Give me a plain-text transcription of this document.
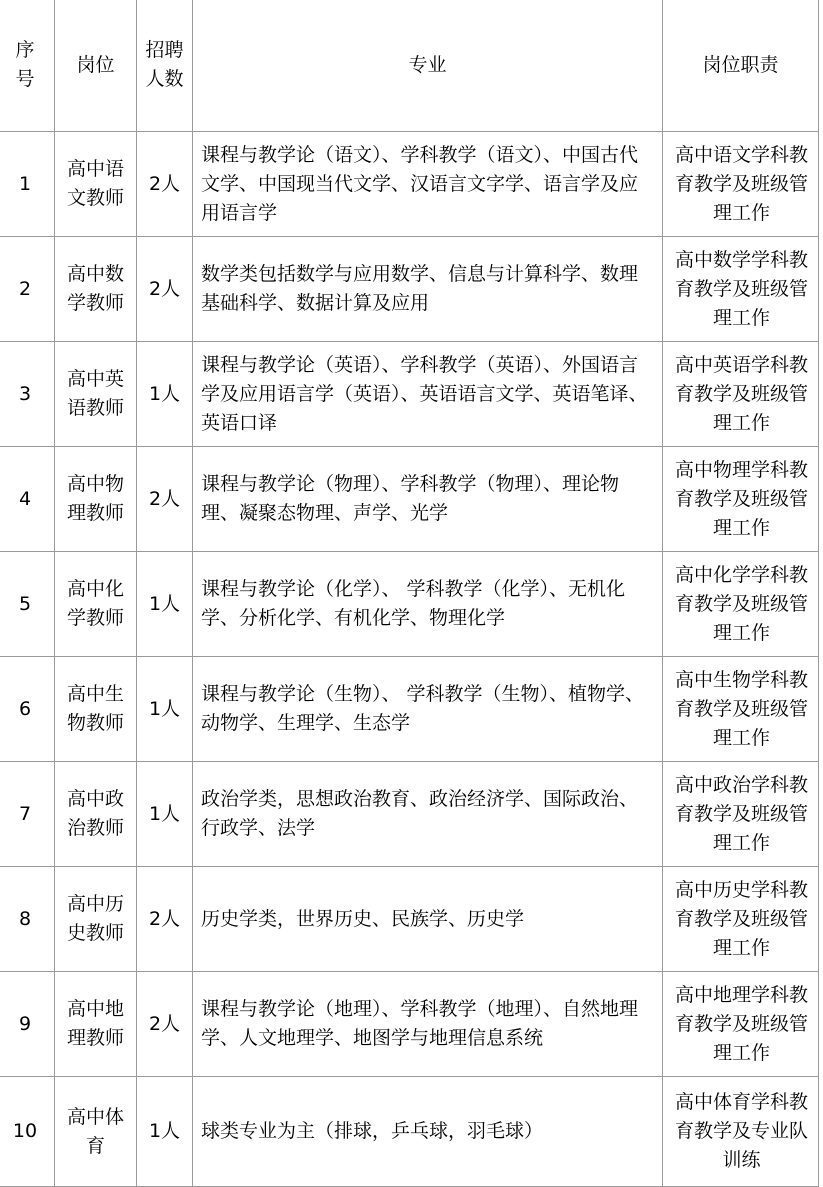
序号	岗位	招聘人数	专业	岗位职责
1	高中语文教师	2人	课程与教学论（语文）、学科教学（语文）、中国古代文学、中国现当代文学、汉语言文字学、语言学及应用语言学	高中语文学科教育教学及班级管理工作
2	高中数学教师	2人	数学类包括数学与应用数学、信息与计算科学、数理基础科学、数据计算及应用	高中数学学科教育教学及班级管理工作
3	高中英语教师	1人	课程与教学论（英语）、学科教学（英语）、外国语言学及应用语言学（英语）、英语语言文学、英语笔译、英语口译	高中英语学科教育教学及班级管理工作
4	高中物理教师	2人	课程与教学论（物理）、学科教学（物理）、理论物理、凝聚态物理、声学、光学	高中物理学科教育教学及班级管理工作
5	高中化学教师	1人	课程与教学论（化学）、 学科教学（化学）、无机化学、分析化学、有机化学、物理化学	高中化学学科教育教学及班级管理工作
6	高中生物教师	1人	课程与教学论（生物）、 学科教学（生物）、植物学、动物学、生理学、生态学	高中生物学科教育教学及班级管理工作
7	高中政治教师	1人	政治学类，思想政治教育、政治经济学、国际政治、行政学、法学	高中政治学科教育教学及班级管理工作
8	高中历史教师	2人	历史学类，世界历史、民族学、历史学	高中历史学科教育教学及班级管理工作
9	高中地理教师	2人	课程与教学论（地理）、学科教学（地理）、自然地理学、人文地理学、地图学与地理信息系统	高中地理学科教育教学及班级管理工作
10	高中体育	1人	球类专业为主（排球，乒乓球，羽毛球）	高中体育学科教育教学及专业队训练
